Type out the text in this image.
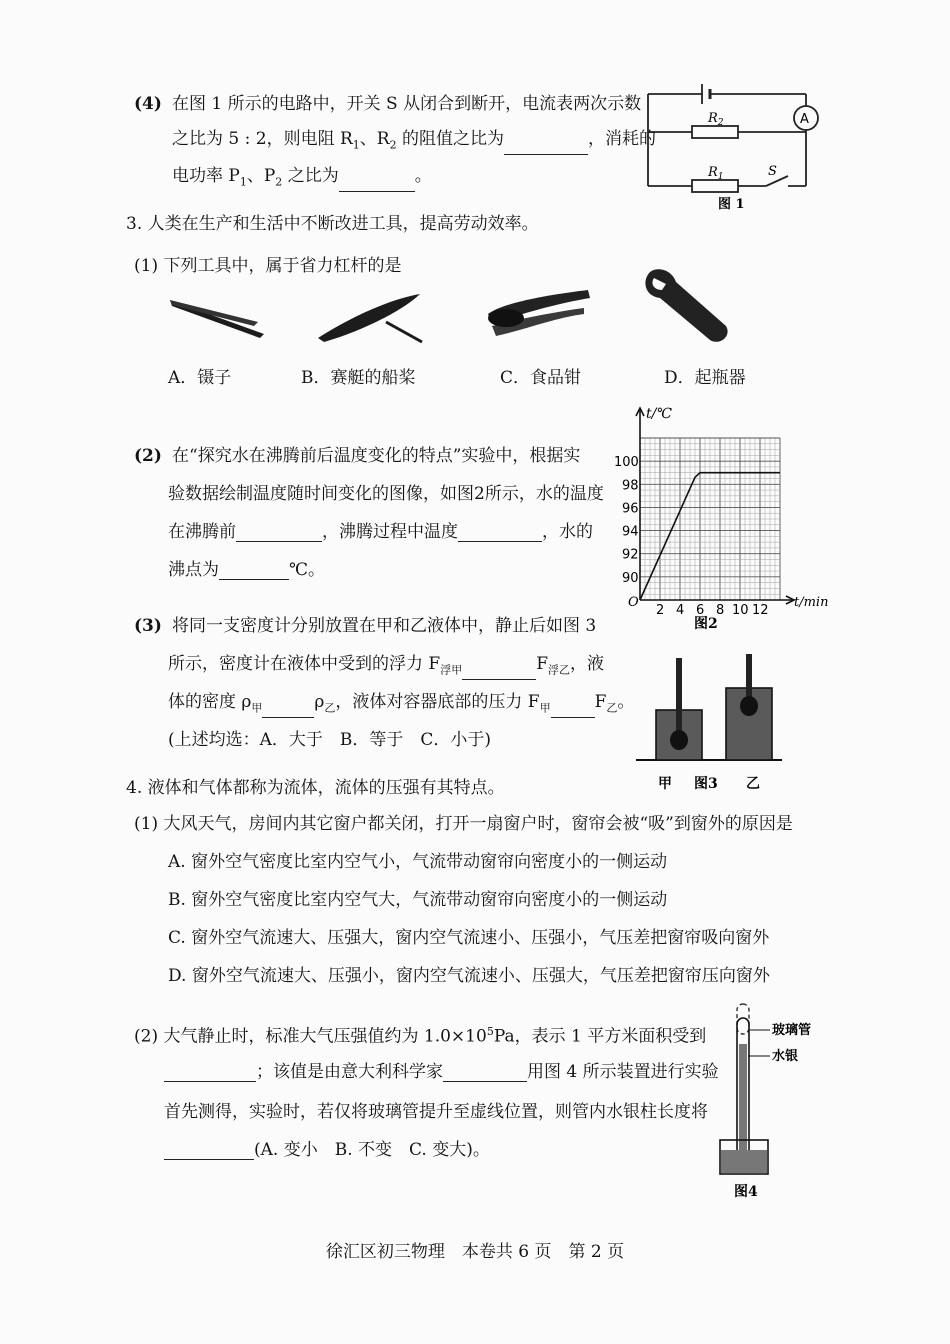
(4) 在图 1 所示的电路中，开关 S 从闭合到断开，电流表两次示数
之比为 5 : 2，则电阻 $R_1$、$R_2$ 的阻值之比为	，消耗的
电功率 $P_1$、$P_2$ 之比为	。
A
$R_2$
$R_1$	S
图 1
3. 人类在生产和生活中不断改进工具，提高劳动效率。
(1) 下列工具中，属于省力杠杆的是
A．镊子	B．赛艇的船桨	C．食品钳	D．起瓶器
(2) 在“探究水在沸腾前后温度变化的特点”实验中，根据实
验数据绘制温度随时间变化的图像，如图2所示，水的温度
在沸腾前	，沸腾过程中温度	，水的
沸点为	℃。
2 4 6 8 10 12
90
92
94
96
98
100
t/℃
t/min
O
图2
(3) 将同一支密度计分别放置在甲和乙液体中，静止后如图 3
所示，密度计在液体中受到的浮力 $F_{浮甲}$	$F_{浮乙}$，液
体的密度 $\rho_甲$	$\rho_乙$，液体对容器底部的压力 $F_甲$	$F_乙$。
(上述均选：A．大于　B．等于　C．小于)
甲 图3 乙
4. 液体和气体都称为流体，流体的压强有其特点。
(1) 大风天气，房间内其它窗户都关闭，打开一扇窗户时，窗帘会被“吸”到窗外的原因是
A. 窗外空气密度比室内空气小，气流带动窗帘向密度小的一侧运动
B. 窗外空气密度比室内空气大，气流带动窗帘向密度小的一侧运动
C. 窗外空气流速大、压强大，窗内空气流速小、压强小，气压差把窗帘吸向窗外
D. 窗外空气流速大、压强小，窗内空气流速小、压强大，气压差把窗帘压向窗外
(2) 大气静止时，标准大气压强值约为 $1.0\times 10^5Pa$，表示 1 平方米面积受到
；该值是由意大利科学家	用图 4 所示装置进行实验
首先测得，实验时，若仅将玻璃管提升至虚线位置，则管内水银柱长度将
(A. 变小　B. 不变　C. 变大)。
玻璃管
水银
图4
徐汇区初三物理　本卷共 6 页　第 2 页
